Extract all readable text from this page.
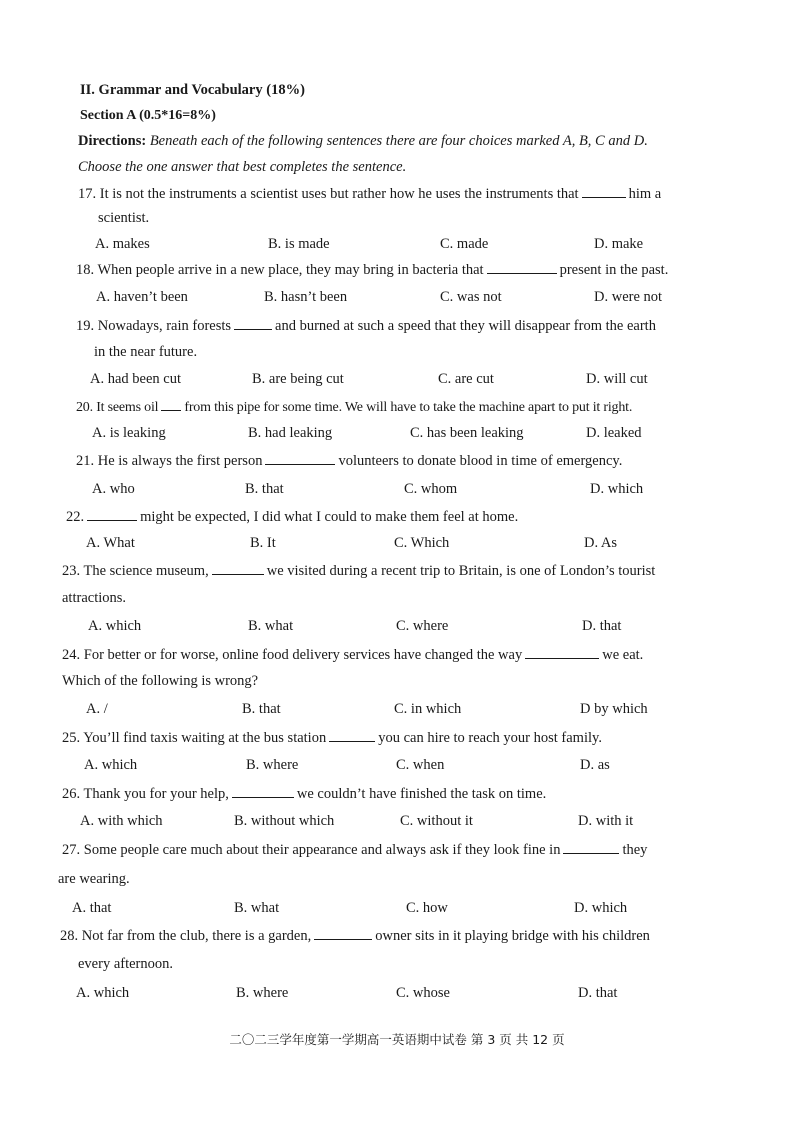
II. Grammar and Vocabulary (18%)
Section A (0.5*16=8%)
Directions: Beneath each of the following sentences there are four choices marked A, B, C and D.
Choose the one answer that best completes the sentence.
17. It is not the instruments a scientist uses but rather how he uses the instruments that	him a
scientist.
A. makes	B. is made	C. made	D. make
18. When people arrive in a new place, they may bring in bacteria that	present in the past.
A. haven’t been	B. hasn’t been	C. was not	D. were not
19. Nowadays, rain forests	and burned at such a speed that they will disappear from the earth
in the near future.
A. had been cut	B. are being cut	C. are cut	D. will cut
20. It seems oil from this pipe for some time. We will have to take the machine apart to put it right.
A. is leaking	B. had leaking	C. has been leaking	D. leaked
21. He is always the first person	volunteers to donate blood in time of emergency.
A. who	B. that	C. whom	D. which
22.	might be expected, I did what I could to make them feel at home.
A. What	B. It	C. Which	D. As
23. The science museum,	we visited during a recent trip to Britain, is one of London’s tourist
attractions.
A. which	B. what	C. where	D. that
24. For better or for worse, online food delivery services have changed the way	we eat.
Which of the following is wrong?
A. /	B. that	C. in which	D by which
25. You’ll find taxis waiting at the bus station	you can hire to reach your host family.
A. which	B. where	C. when	D. as
26. Thank you for your help,	we couldn’t have finished the task on time.
A. with which	B. without which	C. without it	D. with it
27. Some people care much about their appearance and always ask if they look fine in	they
are wearing.
A. that	B. what	C. how	D. which
28. Not far from the club, there is a garden,	owner sits in it playing bridge with his children
every afternoon.
A. which	B. where	C. whose	D. that
二〇二三学年度第一学期高一英语期中试卷 第 3 页 共 12 页
